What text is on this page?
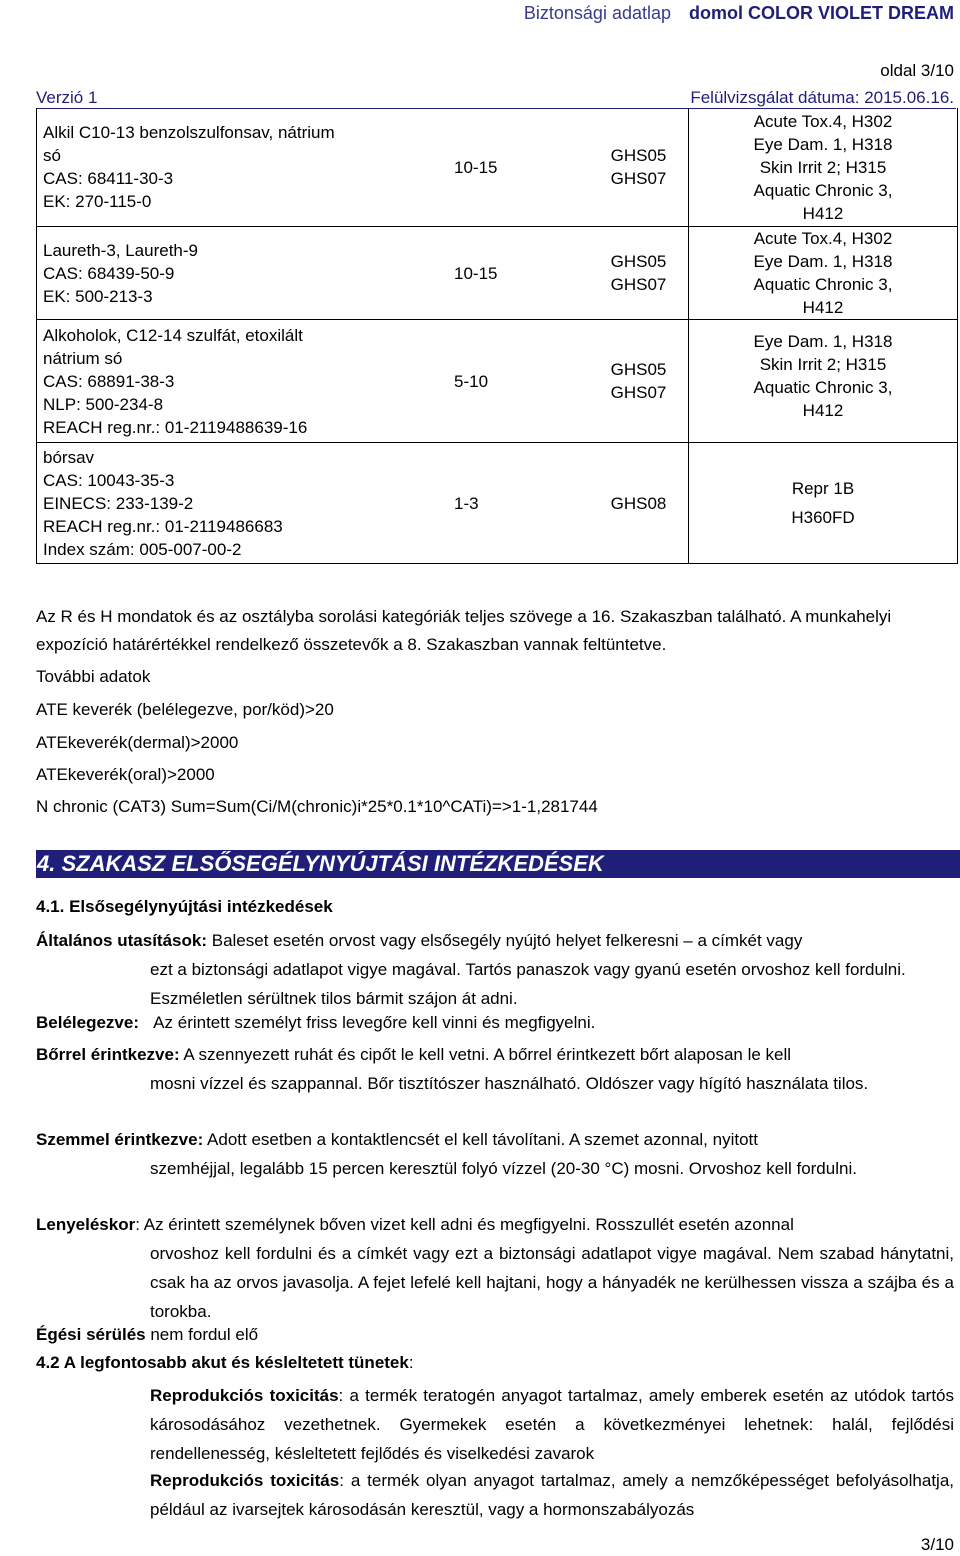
Biztonsági adatlap domol COLOR VIOLET DREAM
oldal 3/10
Verzió 1	Felülvizsgálat dátuma: 2015.06.16.
Alkil C10-13 benzolszulfonsav, nátrium
só
CAS: 68411-30-3
EK: 270-115-0	10-15	GHS05
GHS07	Acute Tox.4, H302
Eye Dam. 1, H318
Skin Irrit 2; H315
Aquatic Chronic 3,
H412

Laureth-3, Laureth-9
CAS: 68439-50-9
EK: 500-213-3	10-15	GHS05
GHS07	Acute Tox.4, H302
Eye Dam. 1, H318
Aquatic Chronic 3,
H412

Alkoholok, C12-14 szulfát, etoxilált
nátrium só
CAS: 68891-38-3
NLP: 500-234-8
REACH reg.nr.: 01-2119488639-16	5-10	GHS05
GHS07	Eye Dam. 1, H318
Skin Irrit 2; H315
Aquatic Chronic 3,
H412

bórsav
CAS: 10043-35-3
EINECS: 233-139-2
REACH reg.nr.: 01-2119486683
Index szám: 005-007-00-2	1-3	GHS08	Repr 1B
H360FD
Az R és H mondatok és az osztályba sorolási kategóriák teljes szövege a 16. Szakaszban található. A munkahelyi expozíció határértékkel rendelkező összetevők a 8. Szakaszban vannak feltüntetve.
További adatok
ATE keverék (belélegezve, por/köd)>20
ATEkeverék(dermal)>2000
ATEkeverék(oral)>2000
N chronic (CAT3) Sum=Sum(Ci/M(chronic)i*25*0.1*10^CATi)=>1-1,281744
4. SZAKASZ ELSŐSEGÉLYNYÚJTÁSI INTÉZKEDÉSEK
4.1. Elsősegélynyújtási intézkedések
Általános utasítások: Baleset esetén orvost vagy elsősegély nyújtó helyet felkeresni – a címkét vagy
ezt a biztonsági adatlapot vigye magával. Tartós panaszok vagy gyanú esetén orvoshoz kell fordulni. Eszméletlen sérültnek tilos bármit szájon át adni.
Belélegezve: Az érintett személyt friss levegőre kell vinni és megfigyelni.
Bőrrel érintkezve: A szennyezett ruhát és cipőt le kell vetni. A bőrrel érintkezett bőrt alaposan le kell
mosni vízzel és szappannal. Bőr tisztítószer használható. Oldószer vagy hígító használata tilos.
Szemmel érintkezve: Adott esetben a kontaktlencsét el kell távolítani. A szemet azonnal, nyitott
szemhéjjal, legalább 15 percen keresztül folyó vízzel (20-30 °C) mosni. Orvoshoz kell fordulni.
Lenyeléskor: Az érintett személynek bőven vizet kell adni és megfigyelni. Rosszullét esetén azonnal
orvoshoz kell fordulni és a címkét vagy ezt a biztonsági adatlapot vigye magával. Nem szabad hánytatni, csak ha az orvos javasolja. A fejet lefelé kell hajtani, hogy a hányadék ne kerülhessen vissza a szájba és a torokba.
Égési sérülés nem fordul elő
4.2 A legfontosabb akut és késleltetett tünetek:
Reprodukciós toxicitás: a termék teratogén anyagot tartalmaz, amely emberek esetén az utódok tartós károsodásához vezethetnek. Gyermekek esetén a következményei lehetnek: halál, fejlődési rendellenesség, késleltetett fejlődés és viselkedési zavarok
Reprodukciós toxicitás: a termék olyan anyagot tartalmaz, amely a nemzőképességet befolyásolhatja, például az ivarsejtek károsodásán keresztül, vagy a hormonszabályozás
3/10
